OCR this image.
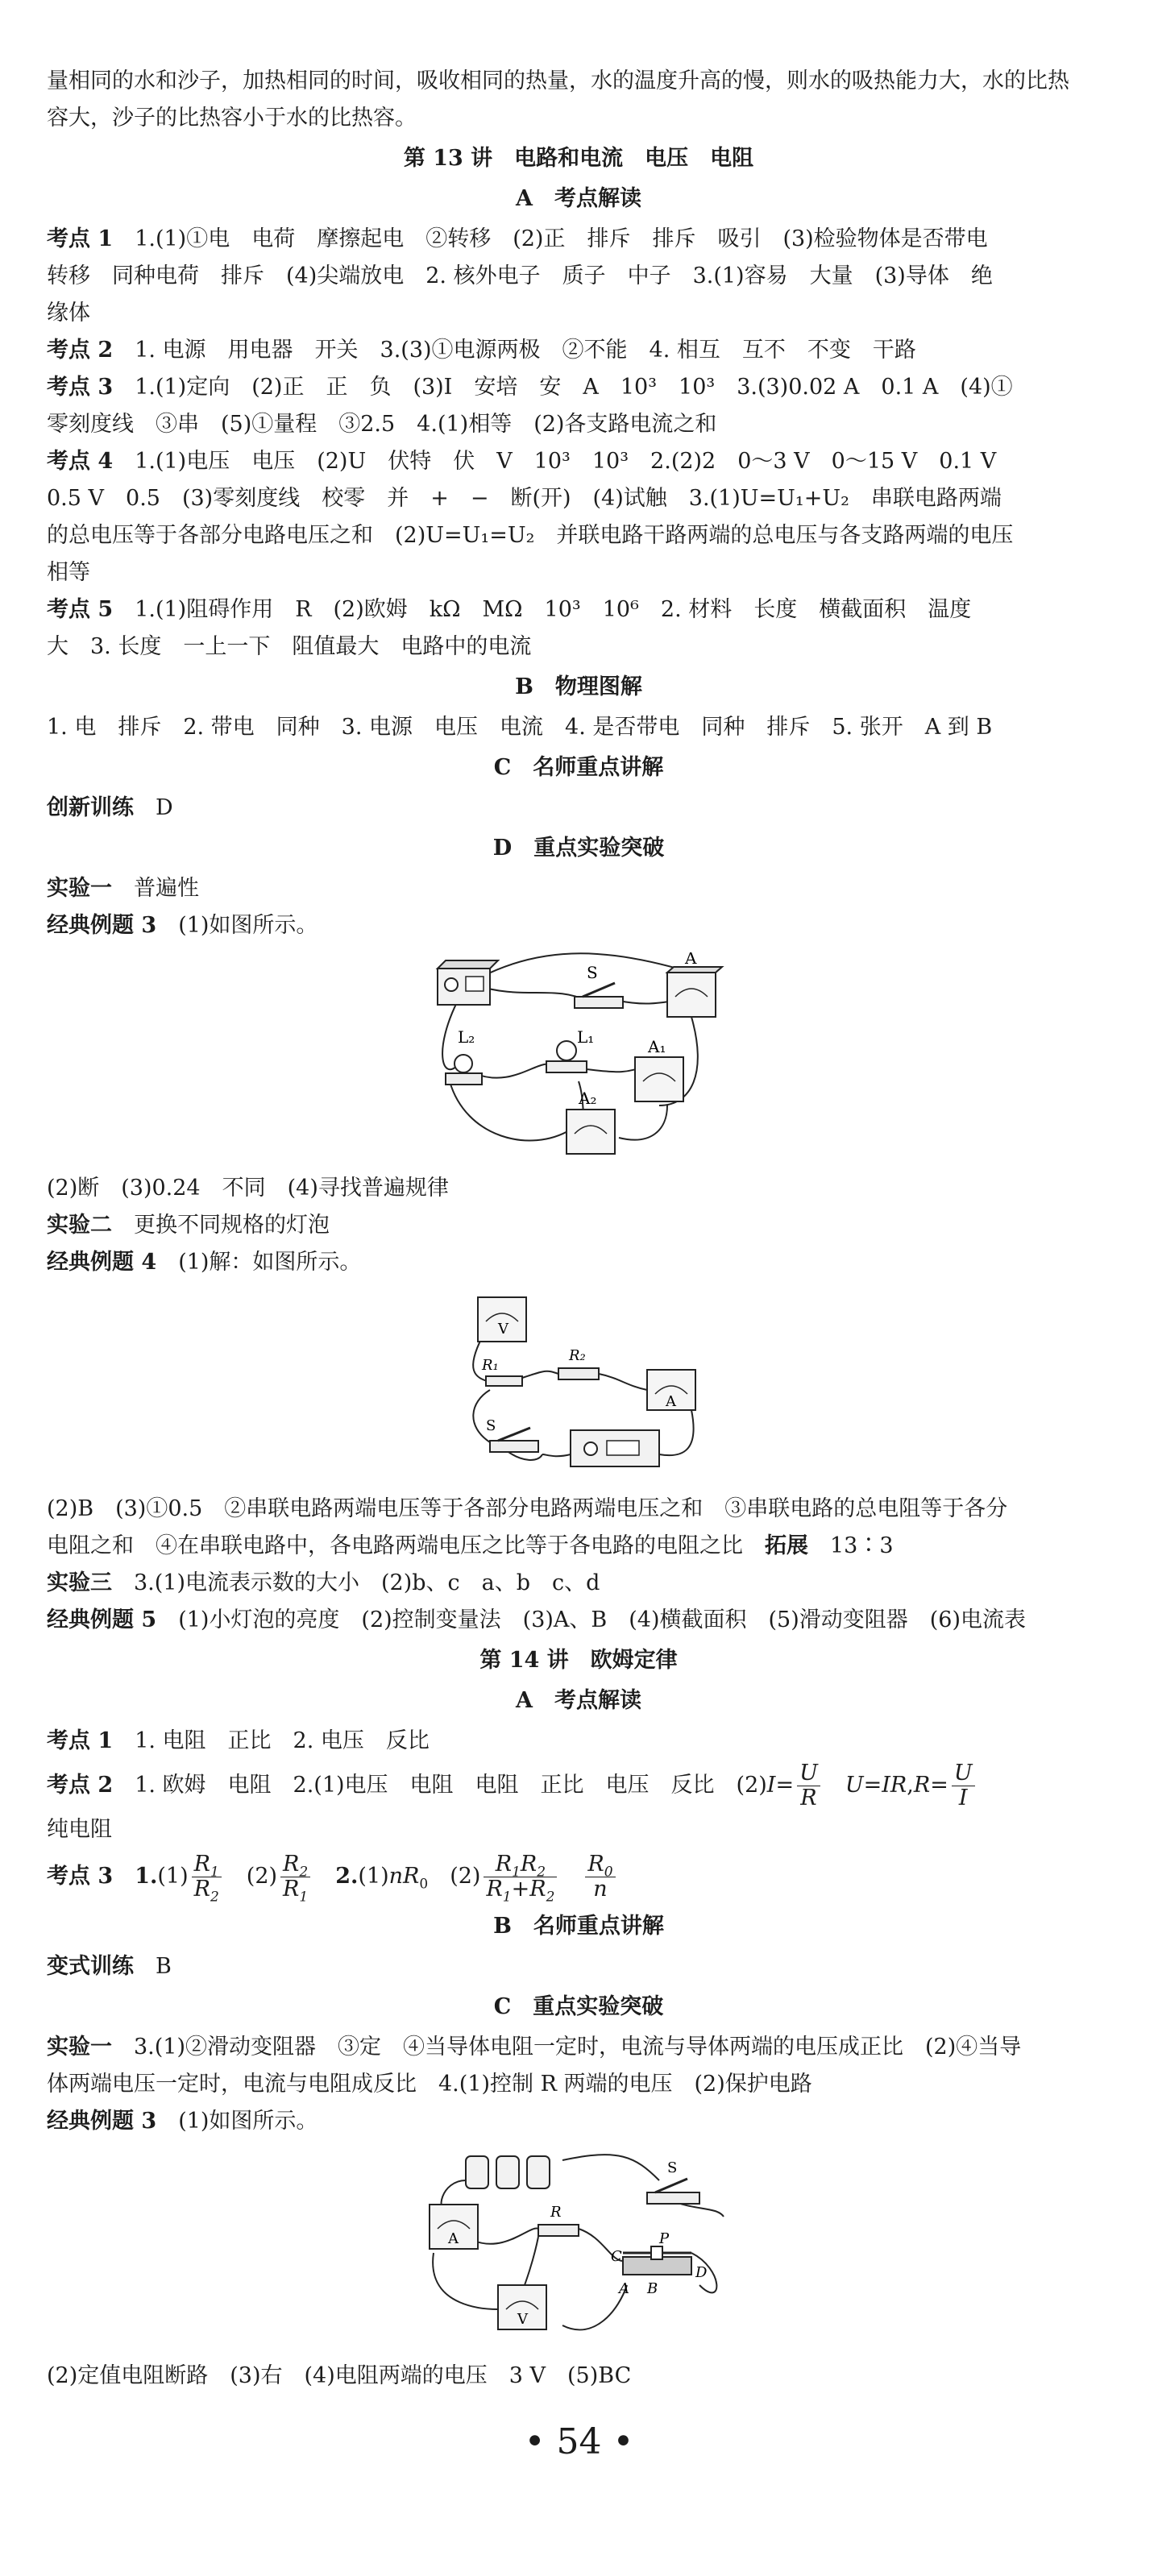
量相同的水和沙子，加热相同的时间，吸收相同的热量，水的温度升高的慢，则水的吸热能力大，水的比热

容大，沙子的比热容小于水的比热容。

第 13 讲　电路和电流　电压　电阻

A　考点解读

考点 1　 1.(1)①电　电荷　摩擦起电　②转移　(2)正　排斥　排斥　吸引　(3)检验物体是否带电

转移　同种电荷　排斥　(4)尖端放电　2. 核外电子　质子　中子　3.(1)容易　大量　(3)导体　绝

缘体

考点 2　 1. 电源　用电器　开关　3.(3)①电源两极　②不能　4. 相互　互不　不变　干路

考点 3　 1.(1)定向　(2)正　正　负　(3)I　安培　安　A　10³　10³　3.(3)0.02 A　0.1 A　(4)①

零刻度线　③串　(5)①量程　③2.5　4.(1)相等　(2)各支路电流之和

考点 4　 1.(1)电压　电压　(2)U　伏特　伏　V　10³　10³　2.(2)2　0～3 V　0～15 V　0.1 V

0.5 V　0.5　(3)零刻度线　校零　并　+　−　断(开)　(4)试触　3.(1)U=U₁+U₂　串联电路两端

的总电压等于各部分电路电压之和　(2)U=U₁=U₂　并联电路干路两端的总电压与各支路两端的电压

相等

考点 5　 1.(1)阻碍作用　R　(2)欧姆　kΩ　MΩ　10³　10⁶　2. 材料　长度　横截面积　温度

大　3. 长度　一上一下　阻值最大　电路中的电流

B　物理图解

1. 电　排斥　2. 带电　同种　3. 电源　电压　电流　4. 是否带电　同种　排斥　5. 张开　A 到 B

C　名师重点讲解

创新训练　 D

D　重点实验突破

实验一　 普遍性

经典例题 3　 (1)如图所示。

S
A
L₁
L₂	A₁
A₂

(2)断　(3)0.24　不同　(4)寻找普遍规律

实验二　 更换不同规格的灯泡

经典例题 4　 (1)解：如图所示。

V
R₁
R₂
A
S

(2)B　(3)①0.5　②串联电路两端电压等于各部分电路两端电压之和　③串联电路的总电阻等于各分

电阻之和　④在串联电路中，各电路两端电压之比等于各电路的电阻之比　 拓展　 13∶3

实验三　 3.(1)电流表示数的大小　(2)b、c　a、b　c、d

经典例题 5　 (1)小灯泡的亮度　(2)控制变量法　(3)A、B　(4)横截面积　(5)滑动变阻器　(6)电流表

第 14 讲　欧姆定律

A　考点解读

考点 1　 1. 电阻　正比　2. 电压　反比

考点 2　 1. 欧姆　电阻　2.(1)电压　电阻　电阻　正比　电压　反比　$(2)I= \frac{U}{R}$
　 $U=IR,R= \frac{U}{I}$

纯电阻

考点 3　 $1.(1) \frac{R_1}{R_2}$ 　$(2) \frac{R_2}{R_1}$
　 $2.(1)nR_0$　$(2) \frac{R_1R_2}{R_1+R_2}$
　 $\frac{R_0}{n}$

B　名师重点讲解

变式训练　 B

C　重点实验突破

实验一　 3.(1)②滑动变阻器　③定　④当导体电阻一定时，电流与导体两端的电压成正比　(2)④当导

体两端电压一定时，电流与电阻成反比　4.(1)控制 R 两端的电压　(2)保护电路

经典例题 3　 (1)如图所示。

S
A
R
P
C
D
A B
V

(2)定值电阻断路　(3)右　(4)电阻两端的电压　3 V　(5)BC

• 54 •
